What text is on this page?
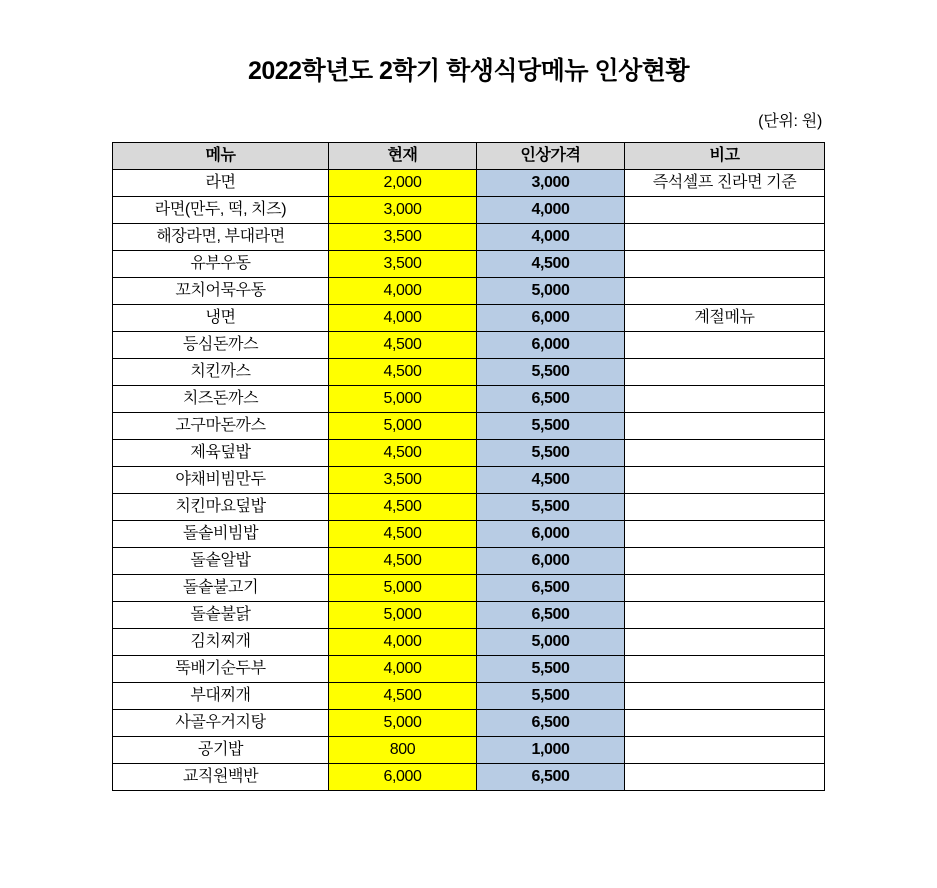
2022학년도 2학기 학생식당메뉴 인상현황
(단위: 원)
메뉴	현재	인상가격	비고
라면	2,000	3,000	즉석셀프 진라면 기준
라면(만두, 떡, 치즈)	3,000	4,000	
해장라면, 부대라면	3,500	4,000	
유부우동	3,500	4,500	
꼬치어묵우동	4,000	5,000	
냉면	4,000	6,000	계절메뉴
등심돈까스	4,500	6,000	
치킨까스	4,500	5,500	
치즈돈까스	5,000	6,500	
고구마돈까스	5,000	5,500	
제육덮밥	4,500	5,500	
야채비빔만두	3,500	4,500	
치킨마요덮밥	4,500	5,500	
돌솥비빔밥	4,500	6,000	
돌솥알밥	4,500	6,000	
돌솥불고기	5,000	6,500	
돌솥불닭	5,000	6,500	
김치찌개	4,000	5,000	
뚝배기순두부	4,000	5,500	
부대찌개	4,500	5,500	
사골우거지탕	5,000	6,500	
공기밥	800	1,000	
교직원백반	6,000	6,500	
